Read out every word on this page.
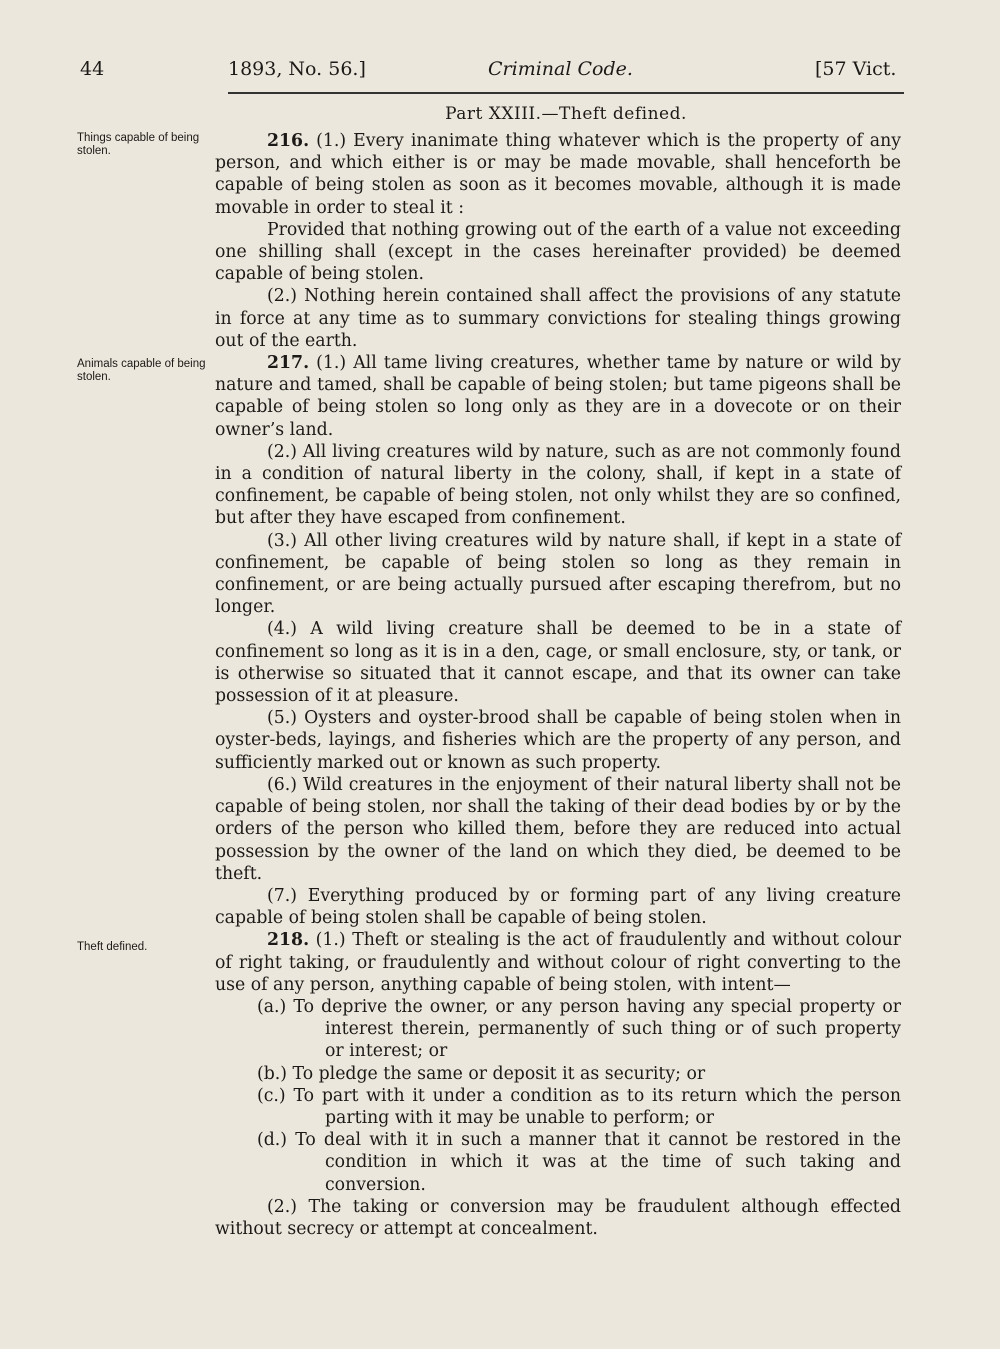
44	1893, No. 56.]	Criminal Code.	[57 Vict.
Part XXIII.—Theft defined.
Things capable of being stolen.
Animals capable of being stolen.
Theft defined.

216. (1.) Every inanimate thing whatever which is the property of any person, and which either is or may be made movable, shall henceforth be capable of being stolen as soon as it becomes movable, although it is made movable in order to steal it :

Provided that nothing growing out of the earth of a value not exceeding one shilling shall (except in the cases hereinafter provided) be deemed capable of being stolen.

(2.) Nothing herein contained shall affect the provisions of any statute in force at any time as to summary convictions for stealing things growing out of the earth.

217. (1.) All tame living creatures, whether tame by nature or wild by nature and tamed, shall be capable of being stolen; but tame pigeons shall be capable of being stolen so long only as they are in a dovecote or on their owner’s land.

(2.) All living creatures wild by nature, such as are not commonly found in a condition of natural liberty in the colony, shall, if kept in a state of confinement, be capable of being stolen, not only whilst they are so confined, but after they have escaped from confinement.

(3.) All other living creatures wild by nature shall, if kept in a state of confinement, be capable of being stolen so long as they remain in confinement, or are being actually pursued after escaping therefrom, but no longer.

(4.) A wild living creature shall be deemed to be in a state of confinement so long as it is in a den, cage, or small enclosure, sty, or tank, or is otherwise so situated that it cannot escape, and that its owner can take possession of it at pleasure.

(5.) Oysters and oyster-brood shall be capable of being stolen when in oyster-beds, layings, and fisheries which are the property of any person, and sufficiently marked out or known as such property.

(6.) Wild creatures in the enjoyment of their natural liberty shall not be capable of being stolen, nor shall the taking of their dead bodies by or by the orders of the person who killed them, before they are reduced into actual possession by the owner of the land on which they died, be deemed to be theft.

(7.) Everything produced by or forming part of any living creature capable of being stolen shall be capable of being stolen.

218. (1.) Theft or stealing is the act of fraudulently and without colour of right taking, or fraudulently and without colour of right converting to the use of any person, anything capable of being stolen, with intent—

(a.) To deprive the owner, or any person having any special property or interest therein, permanently of such thing or of such property or interest; or

(b.) To pledge the same or deposit it as security; or

(c.) To part with it under a condition as to its return which the person parting with it may be unable to perform; or

(d.) To deal with it in such a manner that it cannot be restored in the condition in which it was at the time of such taking and conversion.

(2.) The taking or conversion may be fraudulent although effected without secrecy or attempt at concealment.
